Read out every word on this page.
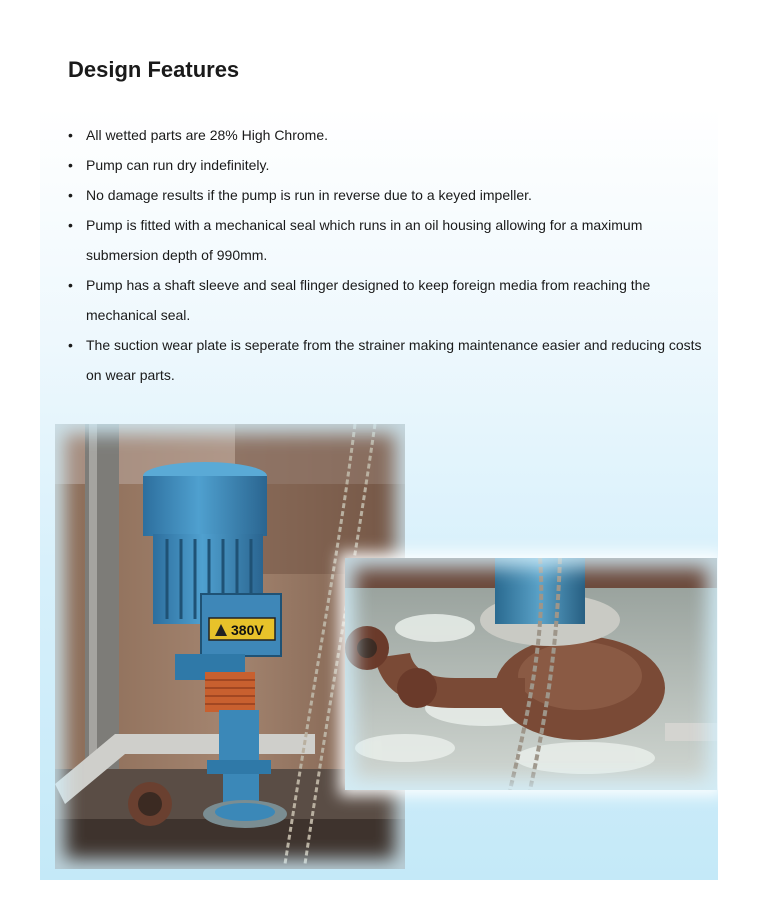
Design Features
• All wetted parts are 28% High Chrome.
• Pump can run dry indefinitely.
• No damage results if the pump is run in reverse due to a keyed impeller.
• Pump is fitted with a mechanical seal which runs in an oil housing allowing for a maximum submersion depth of 990mm.
• Pump has a shaft sleeve and seal flinger designed to keep foreign media from reaching the mechanical seal.
• The suction wear plate is seperate from the strainer making maintenance easier and reducing costs on wear parts.
380V
